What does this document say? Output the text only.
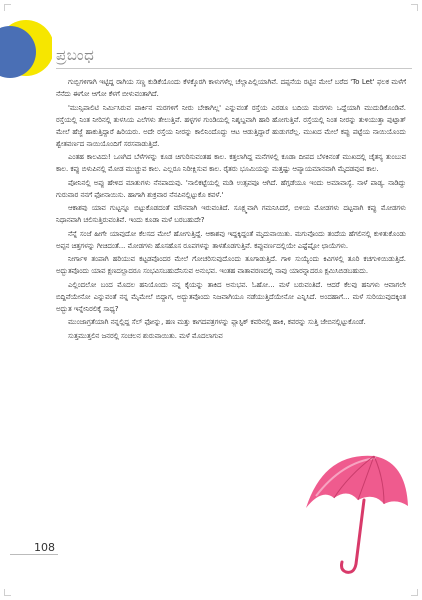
ಪ್ರಬಂಧ

ಗುಬ್ಬಿಗಳಿಗಾಗಿ ಇಟ್ಟಿದ್ದ ರಾಗಿಯ ಸಣ್ಣ ಕುಡಿಕೆಯೊಂದು ಕೆಳಕ್ಕೊರಗಿ ಕಾಳುಗಳೆಲ್ಲ ಚೆಲ್ಲಾಪಿಲ್ಲಿಯಾಗಿವೆ. ದಪ್ಪನೆಯ ರಟ್ಟಿನ ಮೇಲೆ ಬರೆದ 'To Let' ಫಲಕ ಮಳೆಗೆ ನೆನೆದು ಈಗೋ ಆಗೋ ಕೆಳಗೆ ಬೀಳುವಂತಾಗಿದೆ.

'ಮುನ್ಸಿಪಾಲಿಟಿ ನಿರ್ಮಿಸಿರುವ ಪಾರ್ಕಿನ ಮರಗಳಿಗೆ ನೀರು ಬೇಕಾಗಿಲ್ಲ' ಎನ್ನುವಂತೆ ರಸ್ತೆಯ ಎರಡೂ ಬದಿಯ ಮರಗಳು ಒದ್ದೆಯಾಗಿ ಮುದುಡಿಕೊಂಡಿವೆ. ರಸ್ತೆಯಲ್ಲಿ ನಿಂತ ನೀರಿನಲ್ಲಿ ತುಳಸಿಯ ಎಲೆಗಳು ತೇಲುತ್ತಿವೆ. ಹಳ್ಳಗಳ ಗುಂಡಿಯಲ್ಲಿ ನಿಶ್ಶಬ್ದವಾಗಿ ಹಾರಿ ಹೋಗುತ್ತಿವೆ. ರಸ್ತೆಯಲ್ಲಿ ನಿಂತ ನೀರನ್ನು ತುಳಿಯುತ್ತಾ ಪುಟ್ಪಾತ್ ಮೇಲೆ ಹೆಜ್ಜೆ ಹಾಕುತ್ತಿದ್ದಾರೆ ಹಿರಿಯರು. ಅದೇ ರಸ್ತೆಯ ನೀರನ್ನು ಕಾಲಿನಿಂದೊದ್ದು ಆಟ ಆಡುತ್ತಿದ್ದಾರೆ ಹುಡುಗರೆಲ್ಲ. ಮುಖದ ಮೇಲೆ ಕಪ್ಪು ಪಟ್ಟೆಯ ನಾಯಿಯೊಂದು ಶ್ವೇತವರ್ಣದ ನಾಯಿಯೊಂದಿಗೆ ಸರಸವಾಡುತ್ತಿದೆ.

ಎಂತಹ ಕಾಲವಿದು! ಒಣಗಿದ ಬೆಳೆಗಳನ್ನು ಕೂಡ ಚಿಗುರಿಸುವಂತಹ ಕಾಲ. ಕತ್ತಲಾಗಿದ್ದ ಮನೆಗಳಲ್ಲಿ ಕೂಡಾ ದೀಪದ ಬೆಳಕಿನಂತೆ ಮುಖದಲ್ಲಿ ಚೈತನ್ಯ ತುಂಬುವ ಕಾಲ. ಕಪ್ಪು ಬಿಳುಪಿನಲ್ಲಿ ಮೋಡ ಮುಚ್ಚುವ ಕಾಲ. ಎಲ್ಲರೂ ನಿರೀಕ್ಷಿಸುವ ಕಾಲ. ರೈತರು ಭೂಮಿಯನ್ನು ಮತ್ತಷ್ಟು ಆಪ್ಯಾಯಮಾನವಾಗಿ ಮೈದಡವುವ ಕಾಲ.

ಪೋನಿನಲ್ಲಿ ಅಪ್ಪು ಹೇಳಿದ ಮಾತುಗಳು ನೆನಪಾದುವು. 'ನಾಲಿಕಟ್ಟೆಯಲ್ಲಿ ಮಡಿ ಉತ್ಸವವೂ ಆಗಿದೆ. ಹೆಗ್ಗಡೆಯೂ ಇಂದು ಅಮಾವಾಸ್ಯೆ. ನಾಳೆ ಪಾಡ್ಯ. ನಾಡಿದ್ದು ಗುರುವಾರ ನನಗೆ ಫೋನಾಯಿಸು. ಹಾಗಾಗಿ ಶುಕ್ರವಾರ ನೆನಪಿನಲ್ಲಿಟ್ಟುಕೊ ಕವಳೆ.'

ಆಕಾಶವು ಯಾವ ಗುಟ್ಟನ್ನೂ ಬಿಟ್ಟುಕೊಡದಂತೆ ಮೌನವಾಗಿ ಇರುವಂತಿದೆ. ಸೂಕ್ಷ್ಮವಾಗಿ ಗಮನಿಸಿದರೆ, ಬಿಳಿಯ ಮೋಡಗಳು ದಟ್ಟವಾಗಿ ಕಪ್ಪು ಮೋಡಗಳು ನಿಧಾನವಾಗಿ ಚಲಿಸುತ್ತಿರುವಂತಿವೆ. ಇಂದು ಕೂಡಾ ಮಳೆ ಬರಬಹುದೇ?

ನೆನ್ನೆ ಸಂಜೆ ಹೀಗೇ ಯಾವುದೋ ಕೆಲಸದ ಮೇಲೆ ಹೋಗುತ್ತಿದ್ದೆ. ಆಕಾಶವು ಇದ್ದಕ್ಕಿದ್ದಂತೆ ಮೃದುವಾಯಿತು. ಮಗುವೊಂದು ತಂದೆಯ ಹೆಗಲಿನಲ್ಲಿ ಕುಳಿತುಕೊಂಡು ಅಪ್ಪನ ಚಿತ್ತಗಳನ್ನು ಗೀಚಿದಂತೆ... ಮೋಡಗಳು ಹೊಸಹೊಸ ರೂಪಗಳನ್ನು ತಾಳತೊಡಗುತ್ತಿವೆ. ಕಪ್ಪುವರ್ಣದಲ್ಲಿಯೇ ಎಷ್ಟೆಷ್ಟೋ ಛಾಯೆಗಳು.

ನೀರ್ಗಾಳಿ ತಂಪಾಗಿ ಹರಿಯುವ ಕಟ್ಟಡವೊಂದರ ಮೇಲೆ ಗೋಚರಿಸುವುದೊಂದು ತೂಗಾಡುತ್ತಿದೆ. ಗಾಳಿ ಸುಯ್ಯೆಂದು ಕಿವಿಗಳಲ್ಲಿ ತೂರಿ ಕಚಗುಳಿಯಿಡುತ್ತಿದೆ. ಅದ್ಭುತವೊಂದು ಯಾವ ಕ್ಷಣದಲ್ಲಾದರೂ ಸಂಭವಿಸಬಹುದೆನಿಸುವ ಅನುಭವ. ಇಂತಹ ವಾತಾವರಣದಲ್ಲಿ ನಾವು ಯಾರನ್ನಾದರೂ ಕ್ಷಮಿಸಿಬಿಡಬಹುದು.

ಎಲ್ಲಿಂದಲೋ ಬಂದ ಮೊದಲ ಹನಿಯೊಂದು ನನ್ನ ಕೈಯನ್ನು ತಾಕಿದ ಅನುಭವ. ಓಹೋ... ಮಳೆ ಬರುವಂತಿದೆ. ಆದರೆ ಕೆಲವು ಹನಿಗಳು ಆವಾಗಲೇ ಬಿದ್ದಿವೆಯೇನೋ ಎನ್ನುವಂತೆ ನನ್ನ ಮೈಮೇಲೆ ಬಿದ್ದಾಗ, ಅದ್ಭುತವೊಂದು ನಿಜವಾಗಿಯೂ ನಡೆಯುತ್ತಿದೆಯೇನೋ ಎನ್ನಿಸಿದೆ. ಅಂದಹಾಗೆ... ಮಳೆ ಸುರಿಯುವುದಕ್ಕಿಂತ ಅದ್ಭುತ ಇನ್ನೇನಿರಲಿಕ್ಕೆ ಸಾಧ್ಯ?

ಮುಂಜಾಗ್ರತೆಯಾಗಿ ನನ್ನಲ್ಲಿದ್ದ ಸೆಲ್ ಫೋನ್ನು, ಹಣ ಮತ್ತು ಕಾಗದಪತ್ರಗಳನ್ನು ಪ್ಲಾಸ್ಟಿಕ್ ಕವರಿನಲ್ಲಿ ಹಾಕಿ, ಕವರನ್ನು ಸುತ್ತಿ ಜೇಬಿನಲ್ಲಿಟ್ಟುಕೊಂಡೆ.

ಸುತ್ತಮುತ್ತಲಿನ ಜನರಲ್ಲಿ ಸಂಚಲನ ಶುರುವಾಯಿತು. ಮಳೆ ಮೊದಲಾಗುವ

108
